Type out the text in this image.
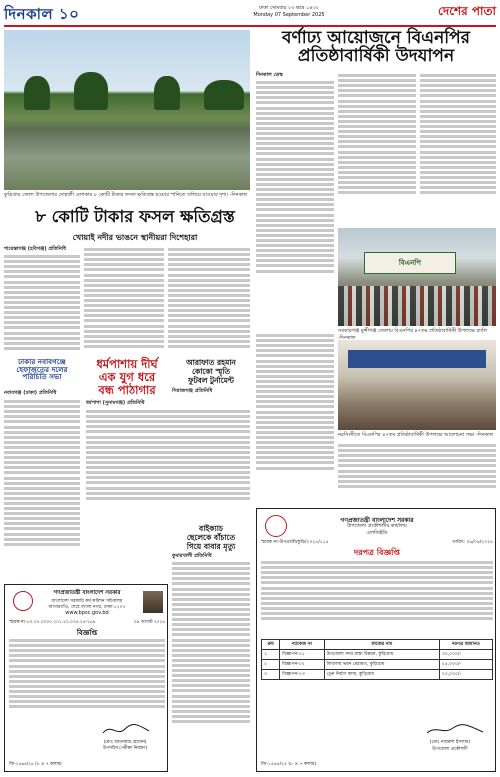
দিনকাল ১০	ঢাকা সোমবার ২৩ ভাদ্র ১৪৩২
Monday 07 September 2025	দেশের পাতা
কুড়িগ্রাম জেলা উপজেলার দোহালী এলাকায় ৮ কোটি টাকার ফসল ক্ষতিগ্রস্ত হওয়ার পানিতে তলিয়ে যাওয়ার দৃশ্য। -দিনকাল
৮ কোটি টাকার ফসল ক্ষতিগ্রস্ত
খোয়াই নদীর ভাঙনে স্থানীয়রা দিশেহারা
শায়েস্তাগঞ্জ (হবিগঞ্জ) প্রতিনিধি
বর্ণাঢ্য আয়োজনে বিএনপির
প্রতিষ্ঠাবার্ষিকী উদযাপন
দিনকাল ডেস্ক
বিএনপি
সরকারগঞ্জ মুন্সীগঞ্জ জেলায় বিএনপির ৪৭তম প্রতিষ্ঠাবার্ষিকী উপলক্ষে র‍্যালি -দিনকাল
নরসিংদীতে বিএনপির ৪৭তম প্রতিষ্ঠাবার্ষিকী উপলক্ষে আলোচনা সভা -দিনকাল
ঢাকার নবাবগঞ্জে হেফাজতের দলের পরিচিতি সভা
নবাবগঞ্জ (ঢাকা) প্রতিনিধি
ধর্মপাশায় দীর্ঘ
এক যুগ ধরে
বন্ধ পাঠাগার
ধর্মপাশা (সুনামগঞ্জ) প্রতিনিধি
আরাফাত রহমান
কোকো স্মৃতি
ফুটবল টুর্নামেন্ট
সিরাজগঞ্জ প্রতিনিধি
বাইক্যাচ
ছেলেকে বাঁচাতে
গিয়ে বাবার মৃত্যু
কুমারখালী প্রতিনিধি
গণপ্রজাতন্ত্রী বাংলাদেশ সরকার
বাংলাদেশ সরকারি কর্ম কমিশন সচিবালয়
আগারগাঁও, শেরে বাংলা নগর, ঢাকা-১২০৭
www.bpsc.gov.bd
স্মারক নং-৮০.০০.০০০০.২০১.২০.০৩৫.২৫-২৮৯	০৯ আগস্ট ২০২৫
বিজ্ঞপ্তি
(মোঃ আনোয়ার হোসেন)
উপসচিব (পরীক্ষা নিয়ন্ত্রণ)
জি-১৫৬৪/২৫ (৮ × ৭ কলাম)
গণপ্রজাতন্ত্রী বাংলাদেশ সরকার
উপজেলা প্রকৌশলীর কার্যালয়
এলজিইডি
স্মারক নং-উপপ্রকৌ/কুড়ি/২০২৫/১১৫	তারিখ: ০৬/০৯/২০২৫
দরপত্র বিজ্ঞপ্তি
ক্রম	প্যাকেজ নং	কাজের নাম	দরপত্র জামানত
১	বিজ্ঞাপন-০১	উপজেলা সদর রাস্তা উন্নয়ন, কুড়িগ্রাম	৩০,০০০/-
২	বিজ্ঞাপন-০২	বিদ্যালয় ভবন মেরামত, কুড়িগ্রাম	২৫,০০০/-
৩	বিজ্ঞাপন-০৩	ড্রেন নির্মাণ কাজ, কুড়িগ্রাম	২০,০০০/-
(মোঃ নজরুল ইসলাম)
উপজেলা প্রকৌশলী
জি-১৫৬৫/২৫ (৮ × ৭ কলাম)
